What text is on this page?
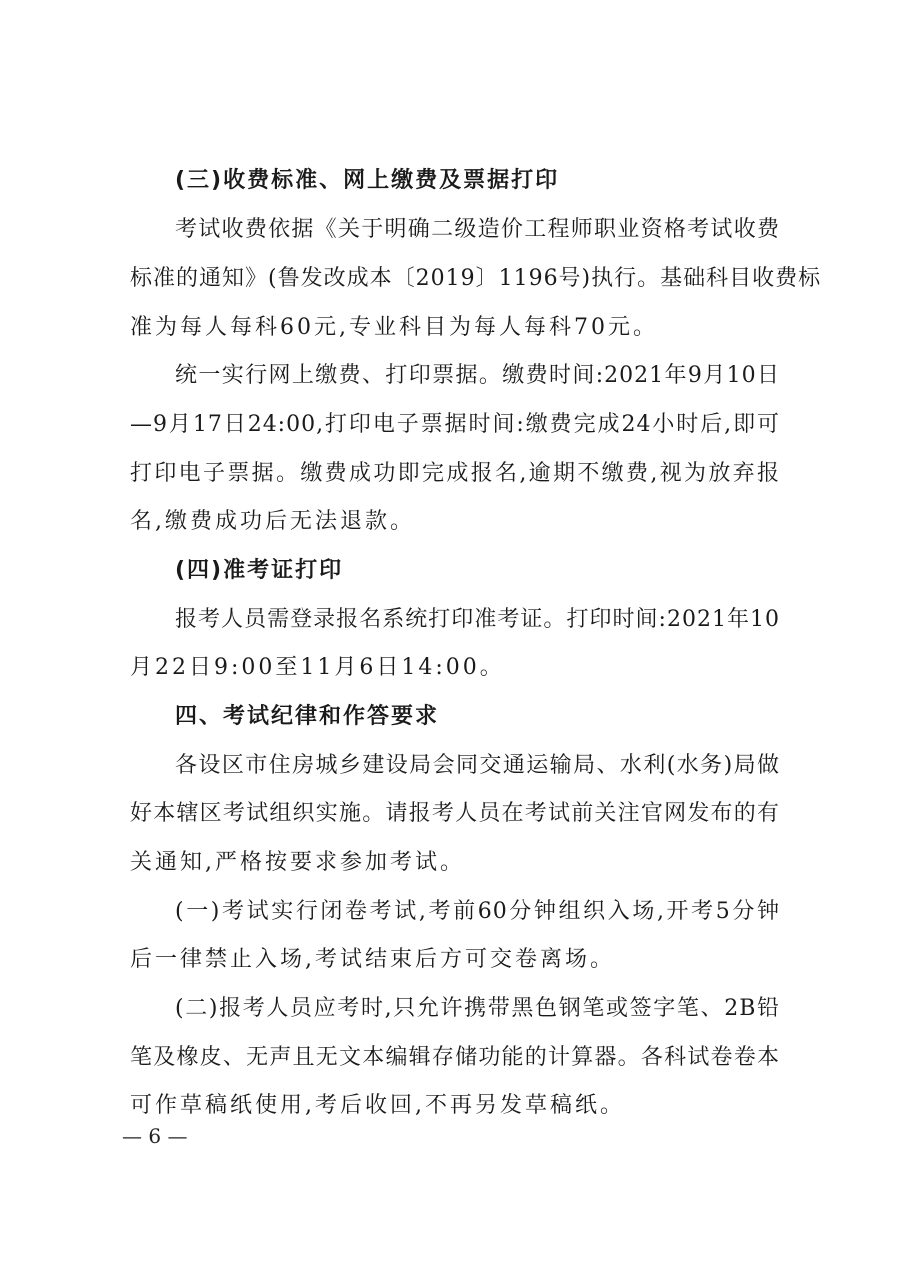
(三)收费标准、网上缴费及票据打印
考试收费依据《关于明确二级造价工程师职业资格考试收费
标准的通知》(鲁发改成本〔2019〕1196号)执行。基础科目收费标
准为每人每科60元,专业科目为每人每科70元。
统一实行网上缴费、打印票据。缴费时间:2021年9月10日
—9月17日24:00,打印电子票据时间:缴费完成24小时后,即可
打印电子票据。缴费成功即完成报名,逾期不缴费,视为放弃报
名,缴费成功后无法退款。
(四)准考证打印
报考人员需登录报名系统打印准考证。打印时间:2021年10
月22日9:00至11月6日14:00。
四、考试纪律和作答要求
各设区市住房城乡建设局会同交通运输局、水利(水务)局做
好本辖区考试组织实施。请报考人员在考试前关注官网发布的有
关通知,严格按要求参加考试。
(一)考试实行闭卷考试,考前60分钟组织入场,开考5分钟
后一律禁止入场,考试结束后方可交卷离场。
(二)报考人员应考时,只允许携带黑色钢笔或签字笔、2B铅
笔及橡皮、无声且无文本编辑存储功能的计算器。各科试卷卷本
可作草稿纸使用,考后收回,不再另发草稿纸。
— 6 —
